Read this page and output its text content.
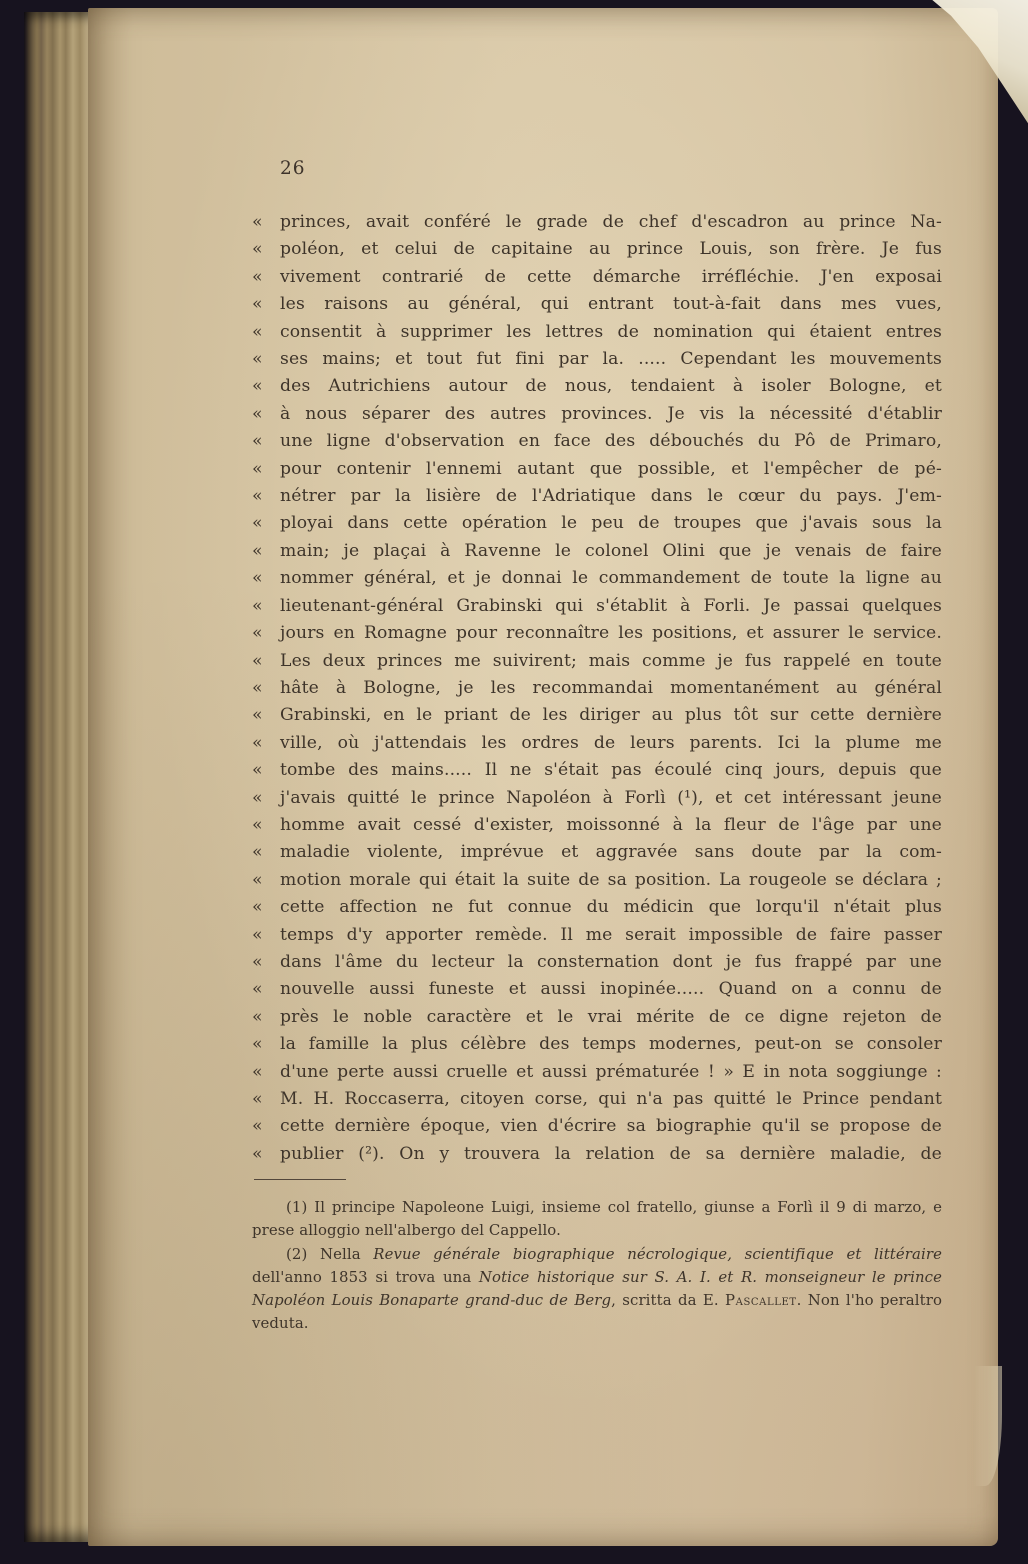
26
«	princes, avait conféré le grade de chef d'escadron au prince Na-
«	poléon, et celui de capitaine au prince Louis, son frère. Je fus
«	vivement contrarié de cette démarche irréfléchie. J'en exposai
«	les raisons au général, qui entrant tout-à-fait dans mes vues,
«	consentit à supprimer les lettres de nomination qui étaient entres
«	ses mains; et tout fut fini par la. ..... Cependant les mouvements
«	des Autrichiens autour de nous, tendaient à isoler Bologne, et
«	à nous séparer des autres provinces. Je vis la nécessité d'établir
«	une ligne d'observation en face des débouchés du Pô de Primaro,
«	pour contenir l'ennemi autant que possible, et l'empêcher de pé-
«	nétrer par la lisière de l'Adriatique dans le cœur du pays. J'em-
«	ployai dans cette opération le peu de troupes que j'avais sous la
«	main; je plaçai à Ravenne le colonel Olini que je venais de faire
«	nommer général, et je donnai le commandement de toute la ligne au
«	lieutenant-général Grabinski qui s'établit à Forli. Je passai quelques
«	jours en Romagne pour reconnaître les positions, et assurer le service.
«	Les deux princes me suivirent; mais comme je fus rappelé en toute
«	hâte à Bologne, je les recommandai momentanément au général
«	Grabinski, en le priant de les diriger au plus tôt sur cette dernière
«	ville, où j'attendais les ordres de leurs parents. Ici la plume me
«	tombe des mains..... Il ne s'était pas écoulé cinq jours, depuis que
«	j'avais quitté le prince Napoléon à Forlì (¹), et cet intéressant jeune
«	homme avait cessé d'exister, moissonné à la fleur de l'âge par une
«	maladie violente, imprévue et aggravée sans doute par la com-
«	motion morale qui était la suite de sa position. La rougeole se déclara ;
«	cette affection ne fut connue du médicin que lorqu'il n'était plus
«	temps d'y apporter remède. Il me serait impossible de faire passer
«	dans l'âme du lecteur la consternation dont je fus frappé par une
«	nouvelle aussi funeste et aussi inopinée..... Quand on a connu de
«	près le noble caractère et le vrai mérite de ce digne rejeton de
«	la famille la plus célèbre des temps modernes, peut-on se consoler
«	d'une perte aussi cruelle et aussi prématurée ! » E in nota soggiunge :
«	M. H. Roccaserra, citoyen corse, qui n'a pas quitté le Prince pendant
«	cette dernière époque, vien d'écrire sa biographie qu'il se propose de
«	publier (²). On y trouvera la relation de sa dernière maladie, de

(1) Il principe Napoleone Luigi, insieme col fratello, giunse a Forlì il 9 di marzo, e prese alloggio nell'albergo del Cappello.

(2) Nella Revue générale biographique nécrologique, scientifique et littéraire dell'anno 1853 si trova una Notice historique sur S. A. I. et R. monseigneur le prince Napoléon Louis Bonaparte grand-duc de Berg, scritta da E. Pascallet. Non l'ho peraltro veduta.
